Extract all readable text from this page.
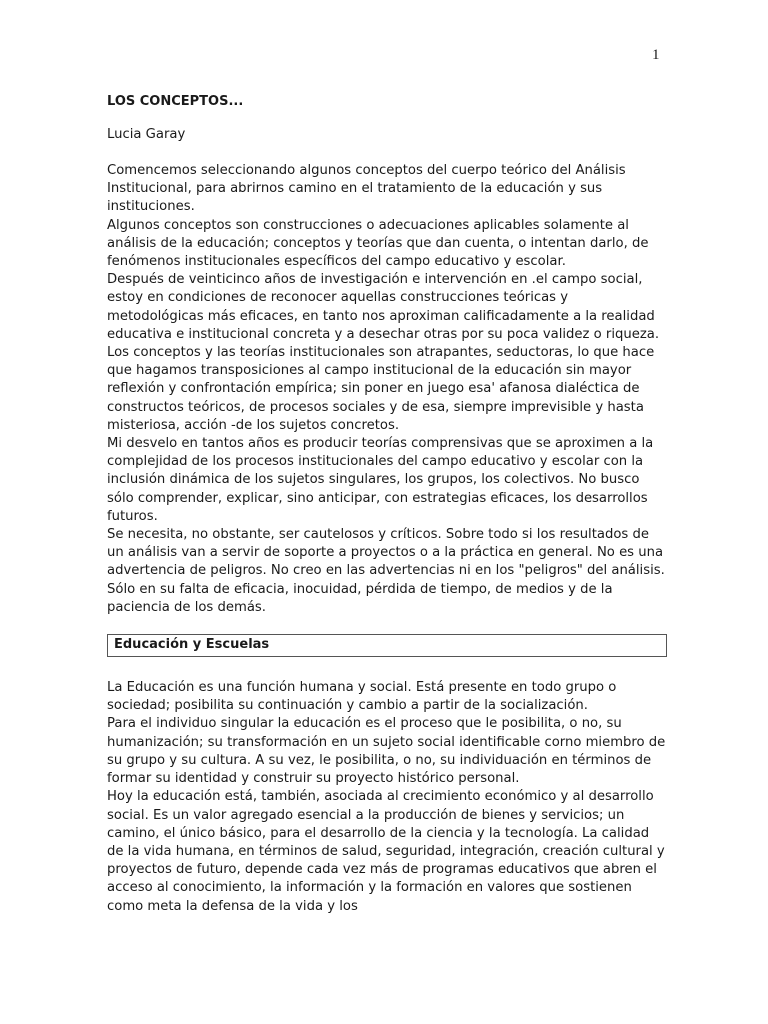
1
LOS CONCEPTOS...

Lucia Garay

Comencemos seleccionando algunos conceptos del cuerpo teórico del Análisis Institucional, para abrirnos camino en el tratamiento de la educación y sus instituciones.

Algunos conceptos son construcciones o adecuaciones aplicables solamente al análisis de la educación; conceptos y teorías que dan cuenta, o intentan darlo, de fenómenos institucionales específicos del campo educativo y escolar.

Después de veinticinco años de investigación e intervención en .el campo social, estoy en condiciones de reconocer aquellas construcciones teóricas y metodológicas más eficaces, en tanto nos aproximan calificadamente a la realidad educativa e institucional concreta y a desechar otras por su poca validez o riqueza.

Los conceptos y las teorías institucionales son atrapantes, seductoras, lo que hace que hagamos transposiciones al campo institucional de la educación sin mayor reflexión y confrontación empírica; sin poner en juego esa' afanosa dialéctica de constructos teóricos, de procesos sociales y de esa, siempre imprevisible y hasta misteriosa, acción -de los sujetos concretos.

Mi desvelo en tantos años es producir teorías comprensivas que se aproximen a la complejidad de los procesos institucionales del campo educativo y escolar con la inclusión dinámica de los sujetos singulares, los grupos, los colectivos. No busco sólo comprender, explicar, sino anticipar, con estrategias eficaces, los desarrollos futuros.

Se necesita, no obstante, ser cautelosos y críticos. Sobre todo si los resultados de un análisis van a servir de soporte a proyectos o a la práctica en general. No es una advertencia de peligros. No creo en las advertencias ni en los "peligros" del análisis. Sólo en su falta de eficacia, inocuidad, pérdida de tiempo, de medios y de la paciencia de los demás.

Educación y Escuelas

La Educación es una función humana y social. Está presente en todo grupo o sociedad; posibilita su continuación y cambio a partir de la socialización.

Para el individuo singular la educación es el proceso que le posibilita, o no, su humanización; su transformación en un sujeto social identificable corno miembro de su grupo y su cultura. A su vez, le posibilita, o no, su individuación en términos de formar su identidad y construir su proyecto histórico personal.

Hoy la educación está, también, asociada al crecimiento económico y al desarrollo social. Es un valor agregado esencial a la producción de bienes y servicios; un camino, el único básico, para el desarrollo de la ciencia y la tecnología. La calidad de la vida humana, en términos de salud, seguridad, integración, creación cultural y proyectos de futuro, depende cada vez más de programas educativos que abren el acceso al conocimiento, la información y la formación en valores que sostienen como meta la defensa de la vida y los
